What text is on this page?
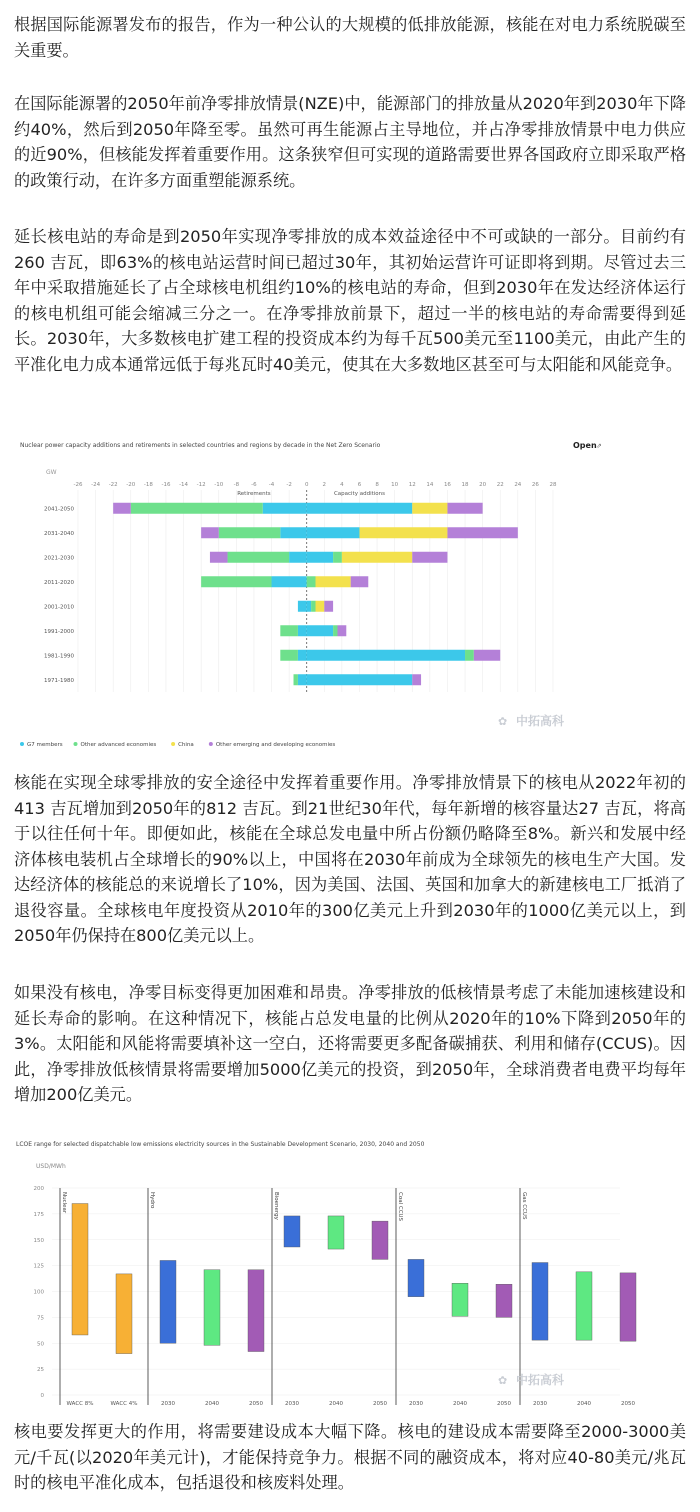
根据国际能源署发布的报告，作为一种公认的大规模的低排放能源，核能在对电力系统脱碳至关重要。

在国际能源署的2050年前净零排放情景(NZE)中，能源部门的排放量从2020年到2030年下降约40%，然后到2050年降至零。虽然可再生能源占主导地位，并占净零排放情景中电力供应的近90%，但核能发挥着重要作用。这条狭窄但可实现的道路需要世界各国政府立即采取严格的政策行动，在许多方面重塑能源系统。

延长核电站的寿命是到2050年实现净零排放的成本效益途径中不可或缺的一部分。目前约有260 吉瓦，即63%的核电站运营时间已超过30年，其初始运营许可证即将到期。尽管过去三年中采取措施延长了占全球核电机组约10%的核电站的寿命，但到2030年在发达经济体运行的核电机组可能会缩减三分之一。在净零排放前景下，超过一半的核电站的寿命需要得到延长。2030年，大多数核电扩建工程的投资成本约为每千瓦500美元至1100美元，由此产生的平准化电力成本通常远低于每兆瓦时40美元，使其在大多数地区甚至可与太阳能和风能竞争。

Nuclear power capacity additions and retirements in selected countries and regions by decade in the Net Zero Scenario	Open ⇗
GW
-26 -24 -22 -20 -18 -16 -14 -12 -10 -8 -6 -4 -2 0	2	4	6	8 10 12 14 16 18 20 22 24 26 28
Retirements	Capacity additions
2041-2050
2031-2040
2021-2030
2011-2020
2001-2010
1991-2000
1981-1990
1971-1980
G7 members	Other advanced economies	China	Other emerging and developing economies
中拓高科
✿

核能在实现全球零排放的安全途径中发挥着重要作用。净零排放情景下的核电从2022年初的413 吉瓦增加到2050年的812 吉瓦。到21世纪30年代，每年新增的核容量达27 吉瓦，将高于以往任何十年。即便如此，核能在全球总发电量中所占份额仍略降至8%。新兴和发展中经济体核电装机占全球增长的90%以上，中国将在2030年前成为全球领先的核电生产大国。发达经济体的核能总的来说增长了10%，因为美国、法国、英国和加拿大的新建核电工厂抵消了退役容量。全球核电年度投资从2010年的300亿美元上升到2030年的1000亿美元以上，到2050年仍保持在800亿美元以上。

如果没有核电，净零目标变得更加困难和昂贵。净零排放的低核情景考虑了未能加速核建设和延长寿命的影响。在这种情况下，核能占总发电量的比例从2020年的10%下降到2050年的3%。太阳能和风能将需要填补这一空白，还将需要更多配备碳捕获、利用和储存(CCUS)。因此，净零排放低核情景将需要增加5000亿美元的投资，到2050年，全球消费者电费平均每年增加200亿美元。

LCOE range for selected dispatchable low emissions electricity sources in the Sustainable Development Scenario, 2030, 2040 and 2050
USD/MWh
0
25
50
75
100
125
150
175
200
Nuclear	Hydro	Bioenergy	Coal CCUS	Gas CCUS
WACC 8%	WACC 4%	2030	2040	2050	2030	2040	2050	2030	2040	2050	2030	2040	2050
中拓高科
✿

核电要发挥更大的作用，将需要建设成本大幅下降。核电的建设成本需要降至2000-3000美元/千瓦(以2020年美元计)，才能保持竞争力。根据不同的融资成本，将对应40-80美元/兆瓦时的核电平准化成本，包括退役和核废料处理。
